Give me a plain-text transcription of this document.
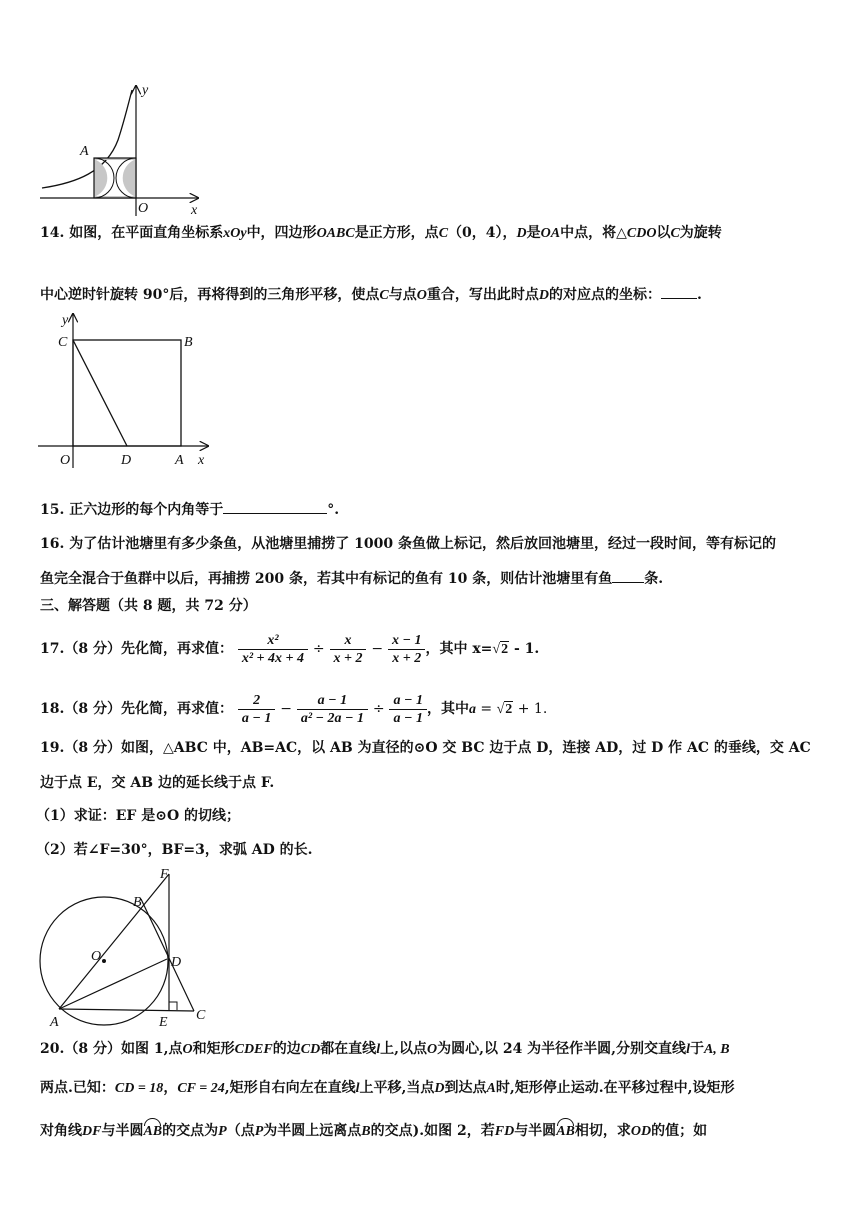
y
A
O	x
14. 如图，在平面直角坐标系xOy中，四边形OABC是正方形，点C（0，4），D是OA中点，将△CDO以C为旋转
中心逆时针旋转 90°后，再将得到的三角形平移，使点C与点O重合，写出此时点D的对应点的坐标：	.
y
C	B
O	D	A x
15. 正六边形的每个内角等于	°.
16. 为了估计池塘里有多少条鱼，从池塘里捕捞了 1000 条鱼做上标记，然后放回池塘里，经过一段时间，等有标记的
鱼完全混合于鱼群中以后，再捕捞 200 条，若其中有标记的鱼有 10 条，则估计池塘里有鱼 条.
三、解答题（共 8 题，共 72 分）
17.（8 分）先化简，再求值： $\frac{\text{x²}}{\text{x² + 4x + 4}} \div \frac{x}{x + 2} - \frac{x - 1}{x + 2}$ ，其中 x=√2 - 1.
18.（8 分）先化简，再求值： $\frac{2}{a - 1} - \frac{a - 1}{\text{a² − 2a − 1}} \div \frac{a - 1}{a - 1}$ ，其中a = √2 + 1.
19.（8 分）如图，△ABC 中，AB=AC，以 AB 为直径的⊙O 交 BC 边于点 D，连接 AD，过 D 作 AC 的垂线，交 AC
边于点 E，交 AB 边的延长线于点 F.
（1）求证：EF 是⊙O 的切线；
（2）若∠F=30°，BF=3，求弧 AD 的长.
F
B
O	D
A	E C
20.（8 分）如图 1,点O和矩形CDEF的边CD都在直线l上,以点O为圆心,以 24 为半径作半圆,分别交直线l于A, B
两点.已知：CD = 18，CF = 24,矩形自右向左在直线l上平移,当点D到达点A时,矩形停止运动.在平移过程中,设矩形
对角线DF与半圆AB的交点为P（点P为半圆上远离点B的交点).如图 2，若FD与半圆AB相切，求OD的值；如
